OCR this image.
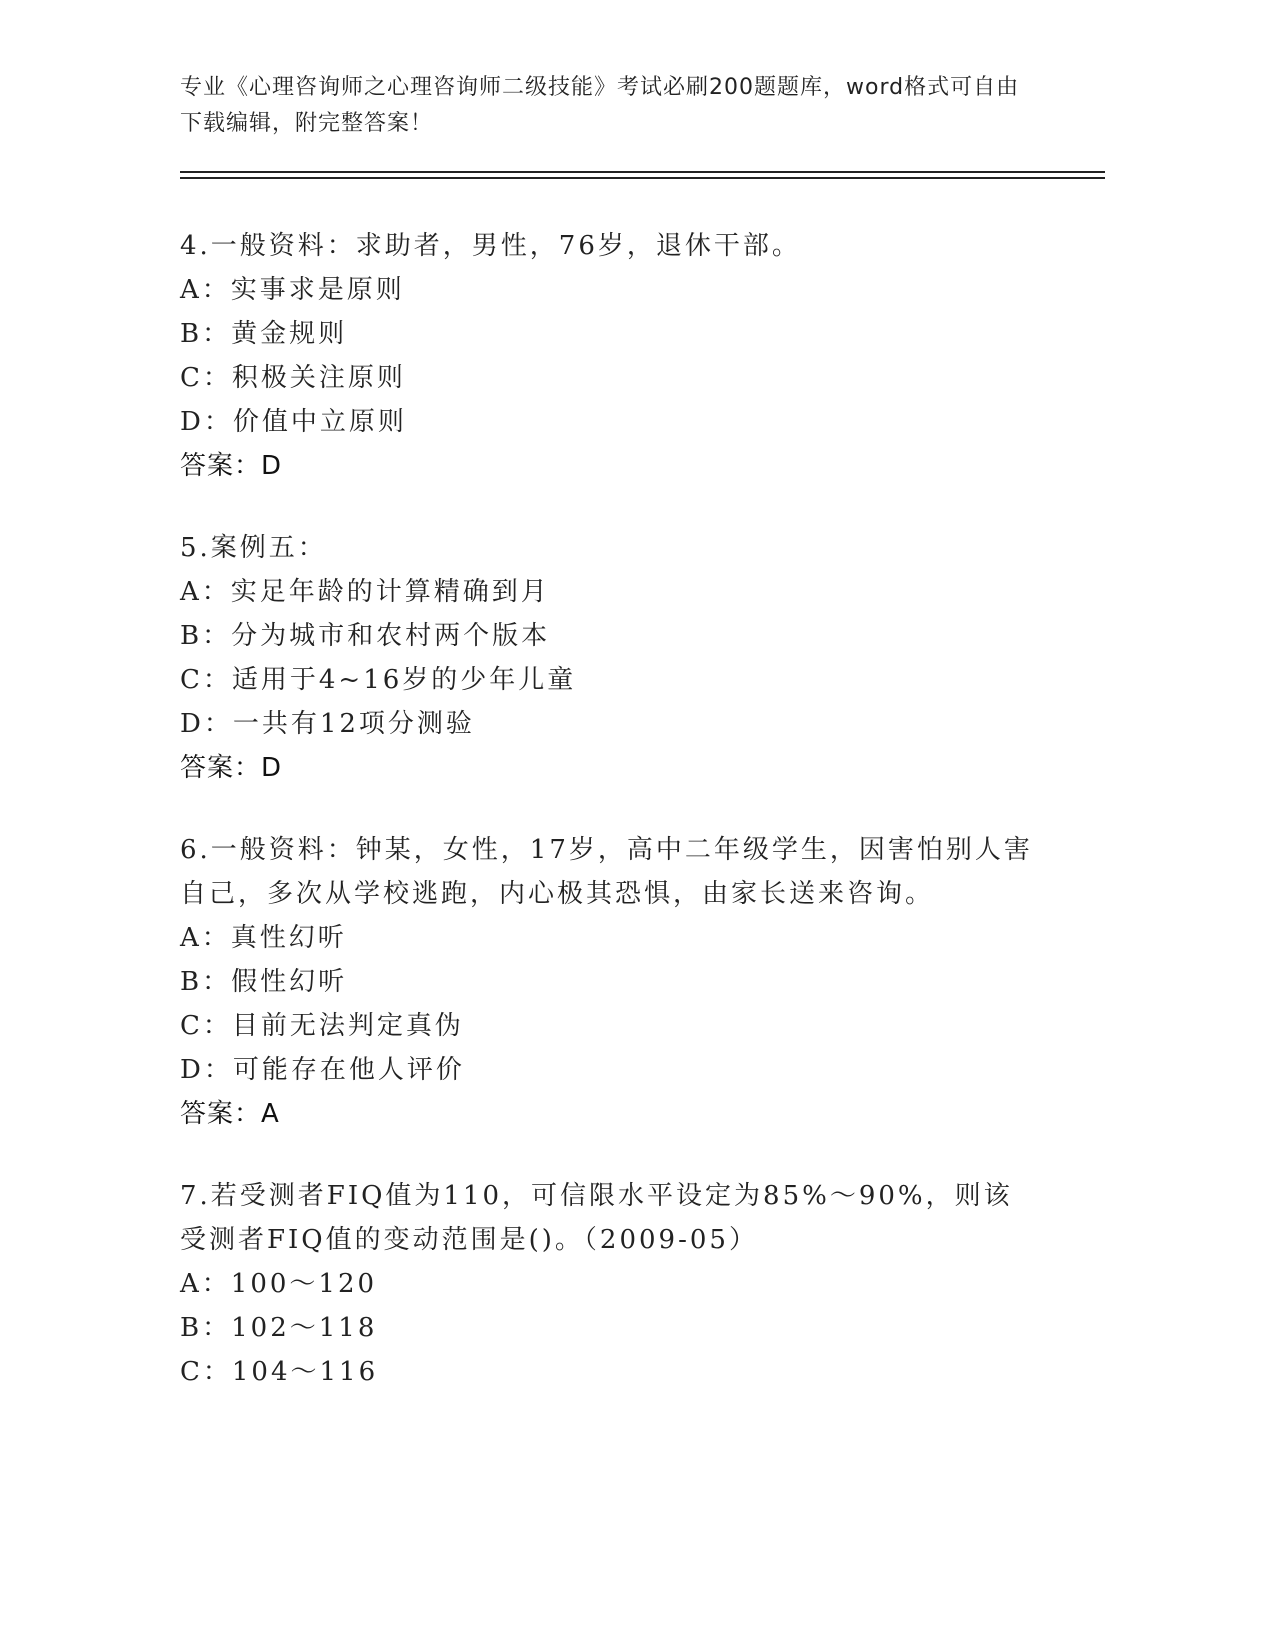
专业《心理咨询师之心理咨询师二级技能》考试必刷200题题库，word格式可自由下载编辑，附完整答案！
4.一般资料：求助者，男性，76岁，退休干部。
A：实事求是原则
B：黄金规则
C：积极关注原则
D：价值中立原则
答案：D
5.案例五：
A：实足年龄的计算精确到月
B：分为城市和农村两个版本
C：适用于4~16岁的少年儿童
D：一共有12项分测验
答案：D
6.一般资料：钟某，女性，17岁，高中二年级学生，因害怕别人害自己，多次从学校逃跑，内心极其恐惧，由家长送来咨询。
A：真性幻听
B：假性幻听
C：目前无法判定真伪
D：可能存在他人评价
答案：A
7.若受测者FIQ值为110，可信限水平设定为85%～90%，则该受测者FIQ值的变动范围是()。（2009-05）
A：100～120
B：102～118
C：104～116
